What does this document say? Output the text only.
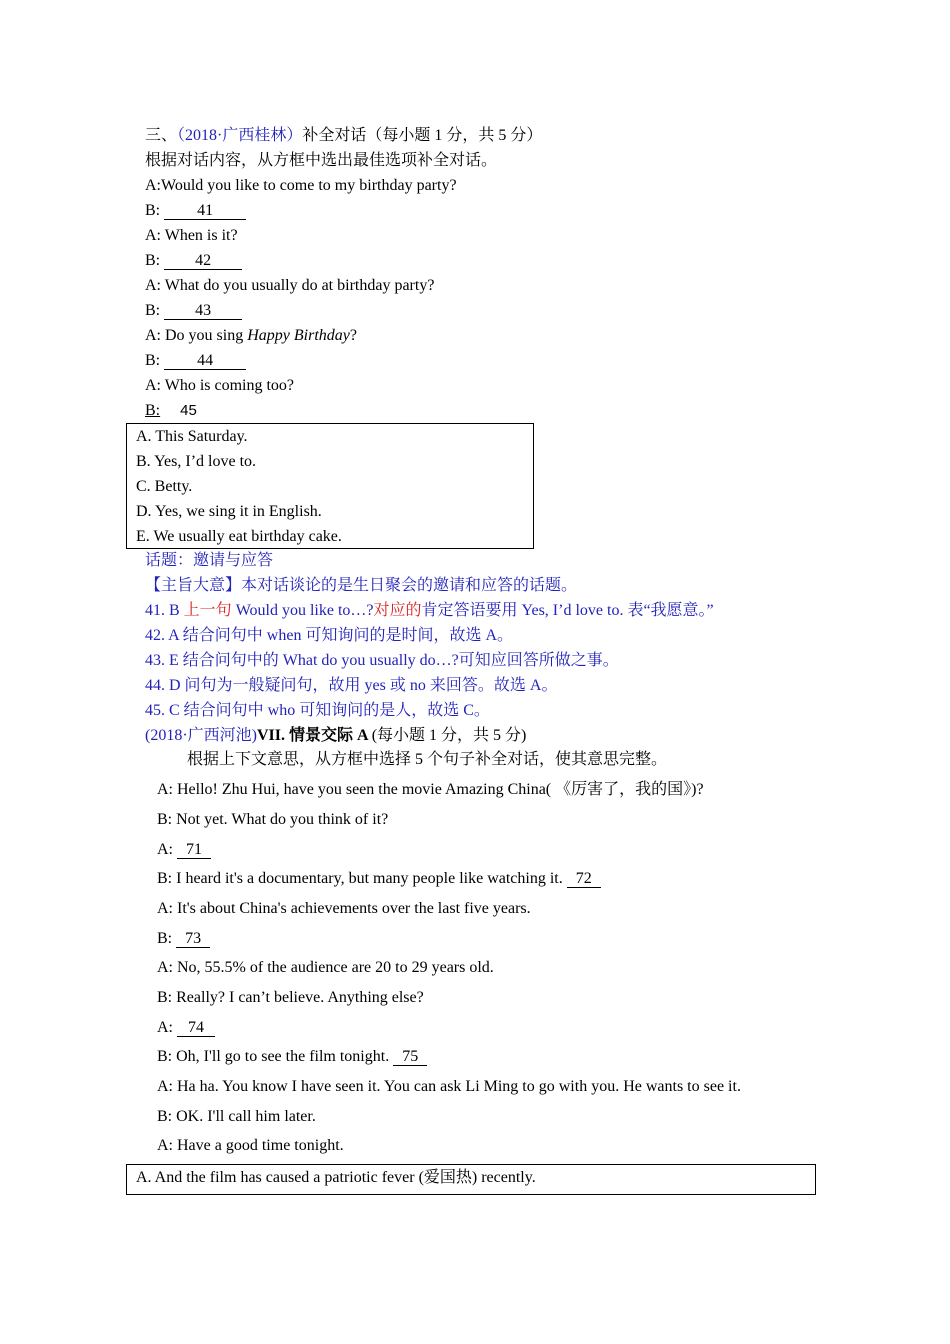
三、（2018·广西桂林）补全对话（每小题 1 分，共 5 分）
根据对话内容，从方框中选出最佳选项补全对话。
A:Would you like to come to my birthday party?
B: 41
A: When is it?
B: 42
A: What do you usually do at birthday party?
B: 43
A: Do you sing Happy Birthday?
B: 44
A: Who is coming too?
B: 45
A. This Saturday.
B. Yes, I’d love to.
C. Betty.
D. Yes, we sing it in English.
E. We usually eat birthday cake.
话题：邀请与应答
【主旨大意】本对话谈论的是生日聚会的邀请和应答的话题。
41. B 上一句 Would you like to…?对应的肯定答语要用 Yes, I’d love to. 表“我愿意。”
42. A 结合问句中 when 可知询问的是时间，故选 A。
43. E 结合问句中的 What do you usually do…?可知应回答所做之事。
44. D 问句为一般疑问句，故用 yes 或 no 来回答。故选 A。
45. C 结合问句中 who 可知询问的是人，故选 C。
(2018·广西河池)VII. 情景交际 A (每小题 1 分，共 5 分)
根据上下文意思，从方框中选择 5 个句子补全对话，使其意思完整。
A: Hello! Zhu Hui, have you seen the movie Amazing China( 《厉害了，我的国》)?
B: Not yet. What do you think of it?
A: 71
B: I heard it's a documentary, but many people like watching it. 72
A: It's about China's achievements over the last five years.
B: 73
A: No, 55.5% of the audience are 20 to 29 years old.
B: Really? I can’t believe. Anything else?
A: 74
B: Oh, I'll go to see the film tonight. 75
A: Ha ha. You know I have seen it. You can ask Li Ming to go with you. He wants to see it.
B: OK. I'll call him later.
A: Have a good time tonight.
A. And the film has caused a patriotic fever (爱国热) recently.
